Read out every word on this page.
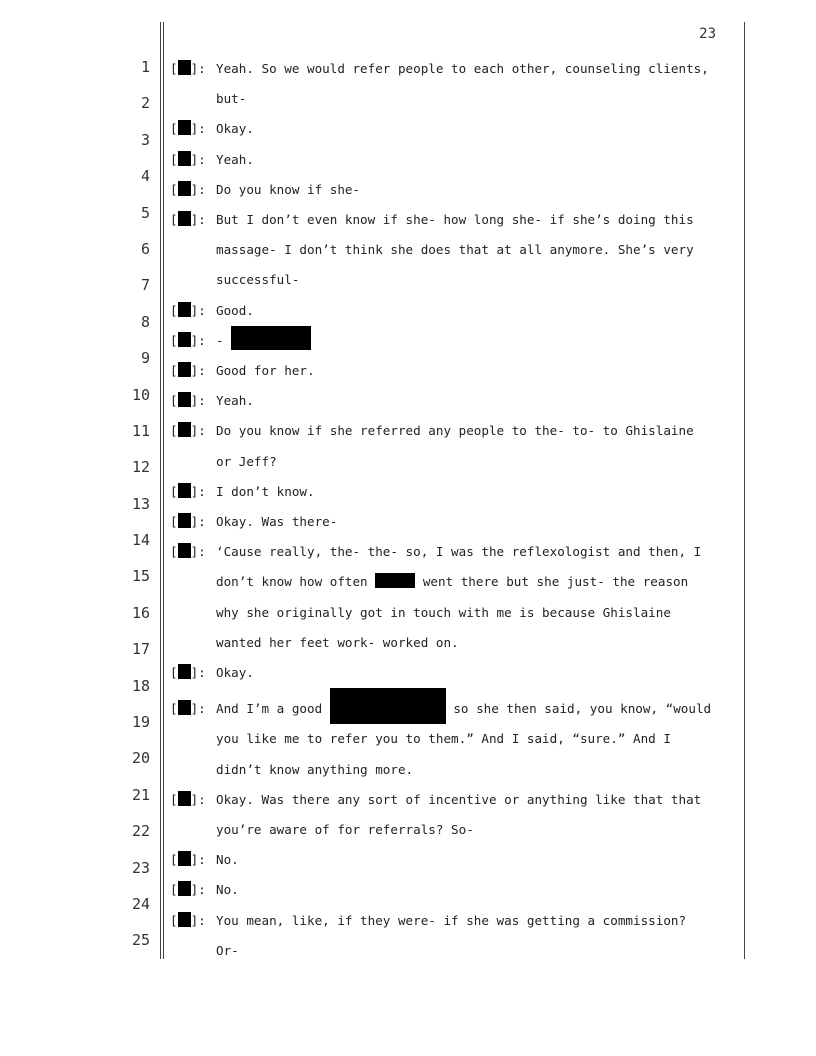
23
1
2
3
4
5
6
7
8
9
10
11
12
13
14
15
16
17
18
19
20
21
22
23
24
25
[ ]:Yeah. So we would refer people to each other, counseling clients,
but-
[ ]:Okay.
[ ]:Yeah.
[ ]:Do you know if she-
[ ]:But I don’t even know if she- how long she- if she’s doing this
massage- I don’t think she does that at all anymore. She’s very
successful-
[ ]:Good.
[ ]:-
[ ]:Good for her.
[ ]:Yeah.
[ ]:Do you know if she referred any people to the- to- to Ghislaine
or Jeff?
[ ]:I don’t know.
[ ]:Okay. Was there-
[ ]:‘Cause really, the- the- so, I was the reflexologist and then, I
don’t know how often	went there but she just- the reason
why she originally got in touch with me is because Ghislaine
wanted her feet work- worked on.
[ ]:Okay.
[ ]:And I’m a good	so she then said, you know, “would
you like me to refer you to them.” And I said, “sure.” And I
didn’t know anything more.
[ ]:Okay. Was there any sort of incentive or anything like that that
you’re aware of for referrals? So-
[ ]:No.
[ ]:No.
[ ]:You mean, like, if they were- if she was getting a commission?
Or-
